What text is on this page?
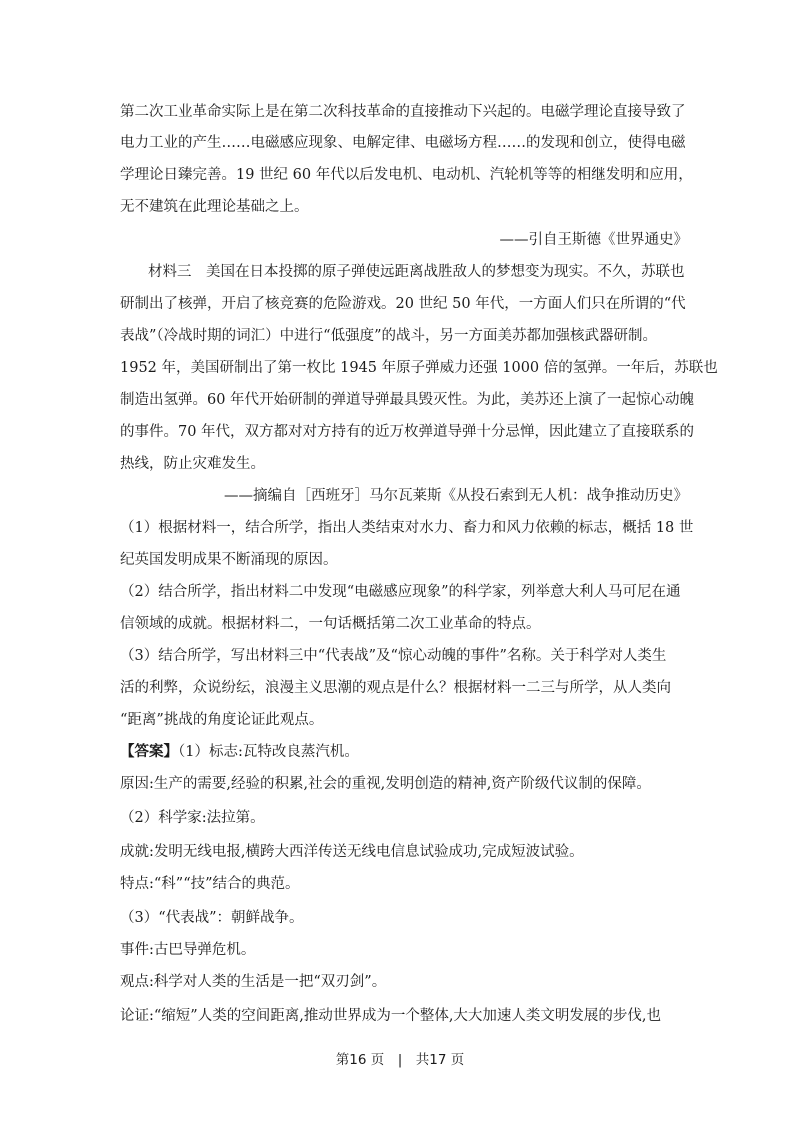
第二次工业革命实际上是在第二次科技革命的直接推动下兴起的。电磁学理论直接导致了
电力工业的产生……电磁感应现象、电解定律、电磁场方程……的发现和创立，使得电磁
学理论日臻完善。19 世纪 60 年代以后发电机、电动机、汽轮机等等的相继发明和应用，
无不建筑在此理论基础之上。
——引自王斯德《世界通史》
材料三　美国在日本投掷的原子弹使远距离战胜敌人的梦想变为现实。不久，苏联也
研制出了核弹，开启了核竞赛的危险游戏。20 世纪 50 年代，一方面人们只在所谓的“代
表战”（冷战时期的词汇）中进行“低强度”的战斗，另一方面美苏都加强核武器研制。
1952 年，美国研制出了第一枚比 1945 年原子弹威力还强 1000 倍的氢弹。一年后，苏联也
制造出氢弹。60 年代开始研制的弹道导弹最具毁灭性。为此，美苏还上演了一起惊心动魄
的事件。70 年代，双方都对对方持有的近万枚弹道导弹十分忌惮，因此建立了直接联系的
热线，防止灾难发生。
——摘编自［西班牙］马尔瓦莱斯《从投石索到无人机：战争推动历史》
（1）根据材料一，结合所学，指出人类结束对水力、畜力和风力依赖的标志，概括 18 世
纪英国发明成果不断涌现的原因。
（2）结合所学，指出材料二中发现“电磁感应现象”的科学家，列举意大利人马可尼在通
信领域的成就。根据材料二，一句话概括第二次工业革命的特点。
（3）结合所学，写出材料三中“代表战”及“惊心动魄的事件”名称。关于科学对人类生
活的利弊，众说纷纭，浪漫主义思潮的观点是什么？根据材料一二三与所学，从人类向
“距离”挑战的角度论证此观点。
【答案】（1）标志:瓦特改良蒸汽机。
原因:生产的需要,经验的积累,社会的重视,发明创造的精神,资产阶级代议制的保障。
（2）科学家:法拉第。
成就:发明无线电报,横跨大西洋传送无线电信息试验成功,完成短波试验。
特点:“科”“技”结合的典范。
（3）“代表战”：朝鲜战争。
事件:古巴导弹危机。
观点:科学对人类的生活是一把“双刃剑”。
论证:“缩短”人类的空间距离,推动世界成为一个整体,大大加速人类文明发展的步伐,也
第16 页　|　共17 页
